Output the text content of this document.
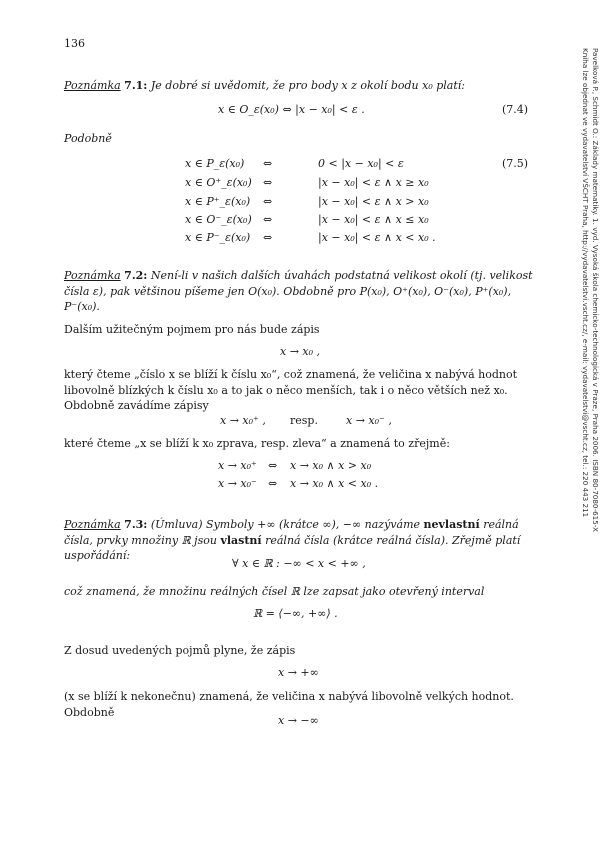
136
Poznámka 7.1: Je dobré si uvědomit, že pro body x z okolí bodu x₀ platí:
x ∈ O_ε(x₀) ⇔ |x − x₀| < ε .	(7.4)
Podobně
(7.5)
x ∈ P_ε(x₀) ⇔	0 < |x − x₀| < ε
x ∈ O⁺_ε(x₀) ⇔	|x − x₀| < ε ∧ x ≥ x₀
x ∈ P⁺_ε(x₀) ⇔	|x − x₀| < ε ∧ x > x₀
x ∈ O⁻_ε(x₀) ⇔	|x − x₀| < ε ∧ x ≤ x₀
x ∈ P⁻_ε(x₀) ⇔	|x − x₀| < ε ∧ x < x₀ .
Poznámka 7.2: Není-li v našich dalších úvahách podstatná velikost okolí (tj. velikost čísla ε), pak většinou píšeme jen O(x₀). Obdobně pro P(x₀), O⁺(x₀), O⁻(x₀), P⁺(x₀), P⁻(x₀).
Dalším užitečným pojmem pro nás bude zápis
x → x₀ ,
který čteme „číslo x se blíží k číslu x₀“, což znamená, že veličina x nabývá hodnot libovolně blízkých k číslu x₀ a to jak o něco menších, tak i o něco větších než x₀. Obdobně zavádíme zápisy
x → x₀⁺ , resp.	x → x₀⁻ ,
které čteme „x se blíží k x₀ zprava, resp. zleva“ a znamená to zřejmě:
x → x₀⁺ ⇔ x → x₀ ∧ x > x₀
x → x₀⁻ ⇔ x → x₀ ∧ x < x₀ .
Poznámka 7.3: (Úmluva) Symboly +∞ (krátce ∞), −∞ nazýváme nevlastní reálná čísla, prvky množiny ℝ jsou vlastní reálná čísla (krátce reálná čísla). Zřejmě platí uspořádání:
∀ x ∈ ℝ : −∞ < x < +∞ ,
což znamená, že množinu reálných čísel ℝ lze zapsat jako otevřený interval
ℝ = ⟨−∞, +∞⟩ .
Z dosud uvedených pojmů plyne, že zápis
x → +∞
(x se blíží k nekonečnu) znamená, že veličina x nabývá libovolně velkých hodnot. Obdobně
x → −∞
Pavelková P., Schmidt O.: Základy matematiky. 1. vyd. Vysoká škola chemicko-technologická v Praze, Praha 2006. ISBN 80-7080-615-X
Kniha lze objednat ve vydavatelství VŠCHT Praha, http://vydavatelstvi.vscht.cz/, e-mail: vydavatelstvi@vscht.cz, tel.: 220 443 211
